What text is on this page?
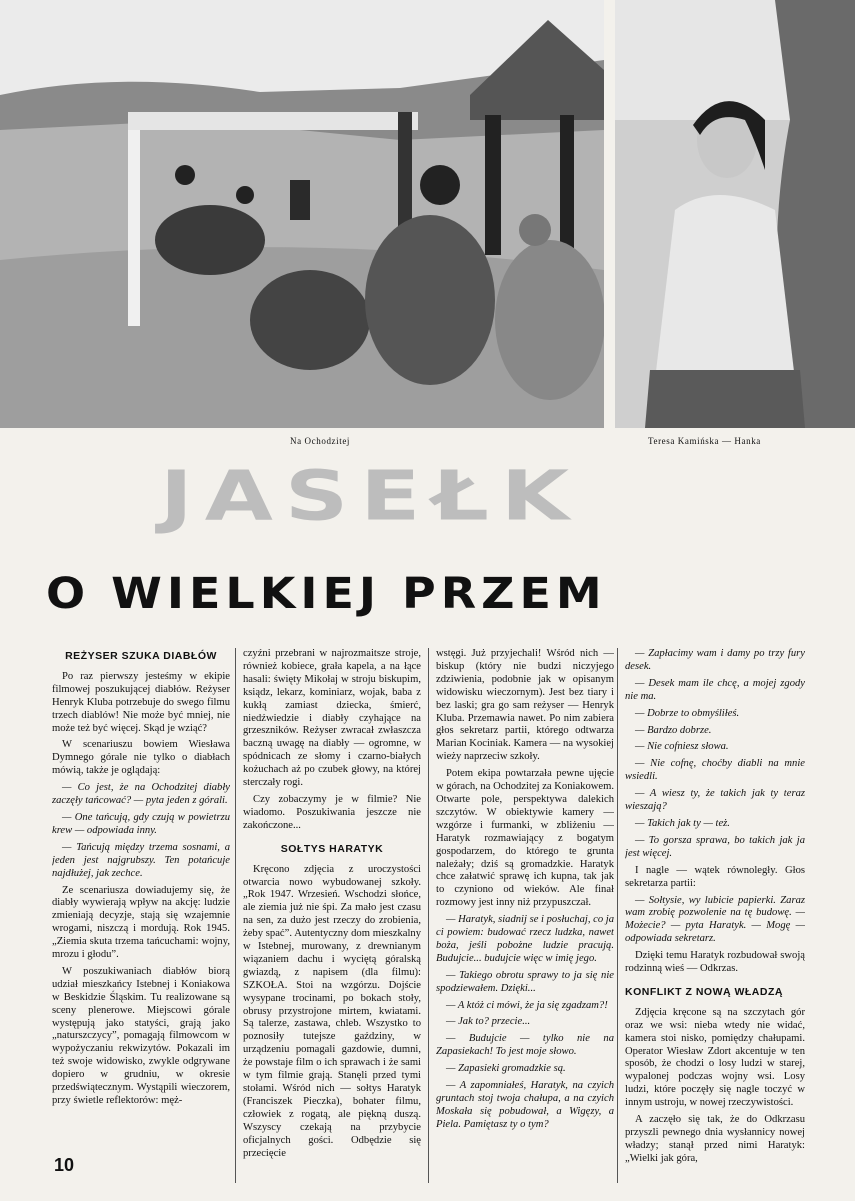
Na Ochodzitej	Teresa Kamińska — Hanka
JASEŁK
O WIELKIEJ PRZEM
REŻYSER SZUKA DIABŁÓW

Po raz pierwszy jesteśmy w ekipie filmowej poszukującej diabłów. Reżyser Henryk Kluba potrzebuje do swego filmu trzech diablów! Nie może być mniej, nie może też być więcej. Skąd je wziąć?

W scenariuszu bowiem Wiesława Dymnego górale nie tylko o diabłach mówią, także je oglądają:

— Co jest, że na Ochodzitej diabły zaczęły tańcować? — pyta jeden z górali.

— One tańcują, gdy czują w powietrzu krew — odpowiada inny.

— Tańcują między trzema sosnami, a jeden jest najgrubszy. Ten potańcuje najdłużej, jak zechce.

Ze scenariusza dowiadujemy się, że diabły wywierają wpływ na akcję: ludzie zmieniają decyzje, stają się wzajemnie wrogami, niszczą i mordują. Rok 1945. „Ziemia skuta trzema tańcuchami: wojny, mrozu i głodu”.

W poszukiwaniach diabłów biorą udział mieszkańcy Istebnej i Koniakowa w Beskidzie Śląskim. Tu realizowane są sceny plenerowe. Miejscowi górale występują jako statyści, grają jako „naturszczycy”, pomagają filmowcom w wypożyczaniu rekwizytów. Pokazali im też swoje widowisko, zwykle odgrywane dopiero w grudniu, w okresie przedświątecznym. Wystąpili wieczorem, przy świetle reflektorów: męż-

czyźni przebrani w najrozmaitsze stroje, również kobiece, grała kapela, a na łące hasali: święty Mikołaj w stroju biskupim, ksiądz, lekarz, kominiarz, wojak, baba z kukłą zamiast dziecka, śmierć, niedźwiedzie i diabły czyhające na grzeszników. Reżyser zwracał zwłaszcza baczną uwagę na diabły — ogromne, w spódnicach ze słomy i czarno-białych kożuchach aż po czubek głowy, na której sterczały rogi.

Czy zobaczymy je w filmie? Nie wiadomo. Poszukiwania jeszcze nie zakończone...

SOŁTYS HARATYK

Kręcono zdjęcia z uroczystości otwarcia nowo wybudowanej szkoły. „Rok 1947. Wrzesień. Wschodzi słońce, ale ziemia już nie śpi. Za mało jest czasu na sen, za dużo jest rzeczy do zrobienia, żeby spać”. Autentyczny dom mieszkalny w Istebnej, murowany, z drewnianym wiązaniem dachu i wyciętą góralską gwiazdą, z napisem (dla filmu): SZKOŁA. Stoi na wzgórzu. Dojście wysypane trocinami, po bokach stoły, obrusy przystrojone mirtem, kwiatami. Są talerze, zastawa, chleb. Wszystko to poznosiły tutejsze gaździny, w urządzeniu pomagali gazdowie, dumni, że powstaje film o ich sprawach i że sami w tym filmie grają. Stanęli przed tymi stołami. Wśród nich — sołtys Haratyk (Franciszek Pieczka), bohater filmu, człowiek z rogatą, ale piękną duszą. Wszyscy czekają na przybycie oficjalnych gości. Odbędzie się przecięcie

wstęgi. Już przyjechali! Wśród nich — biskup (który nie budzi niczyjego zdziwienia, podobnie jak w opisanym widowisku wieczornym). Jest bez tiary i bez laski; gra go sam reżyser — Henryk Kluba. Przemawia nawet. Po nim zabiera głos sekretarz partii, którego odtwarza Marian Kociniak. Kamera — na wysokiej wieży naprzeciw szkoły.

Potem ekipa powtarzała pewne ujęcie w górach, na Ochodzitej za Koniakowem. Otwarte pole, perspektywa dalekich szczytów. W obiektywie kamery — wzgórze i furmanki, w zbliżeniu — Haratyk rozmawiający z bogatym gospodarzem, do którego te grunta należały; dziś są gromadzkie. Haratyk chce załatwić sprawę ich kupna, tak jak to czyniono od wieków. Ale finał rozmowy jest inny niż przypuszczał.

— Haratyk, siadnij se i posłuchaj, co ja ci powiem: budować rzecz ludzka, nawet boża, jeśli pobożne ludzie pracują. Budujcie... budujcie więc w imię jego.

— Takiego obrotu sprawy to ja się nie spodziewałem. Dzięki...

— A któż ci mówi, że ja się zgadzam?!

— Jak to? przecie...

— Budujcie — tylko nie na Zapasiekach! To jest moje słowo.

— Zapasieki gromadzkie są.

— A zapomniałeś, Haratyk, na czyich gruntach stoj twoja chałupa, a na czyich Moskała się pobudował, a Wigęzy, a Piela. Pamiętasz ty o tym?

— Zapłacimy wam i damy po trzy fury desek.

— Desek mam ile chcę, a mojej zgody nie ma.

— Dobrze to obmyśliłeś.

— Bardzo dobrze.

— Nie cofniesz słowa.

— Nie cofnę, choćby diabli na mnie wsiedli.

— A wiesz ty, że takich jak ty teraz wieszają?

— Takich jak ty — też.

— To gorsza sprawa, bo takich jak ja jest więcej.

I nagle — wątek równoległy. Głos sekretarza partii:

— Sołtysie, wy lubicie papierki. Zaraz wam zrobię pozwolenie na tę budowę. — Możecie? — pyta Haratyk. — Mogę — odpowiada sekretarz.

Dzięki temu Haratyk rozbudował swoją rodzinną wieś — Odkrzas.

KONFLIKT Z NOWĄ WŁADZĄ

Zdjęcia kręcone są na szczytach gór oraz we wsi: nieba wtedy nie widać, kamera stoi nisko, pomiędzy chałupami. Operator Wiesław Zdort akcentuje w ten sposób, że chodzi o losy ludzi w starej, wypalonej podczas wojny wsi. Losy ludzi, które poczęły się nagle toczyć w innym ustroju, w nowej rzeczywistości.

A zaczęło się tak, że do Odkrzasu przyszli pewnego dnia wysłannicy nowej władzy; stanął przed nimi Haratyk: „Wielki jak góra,

10
